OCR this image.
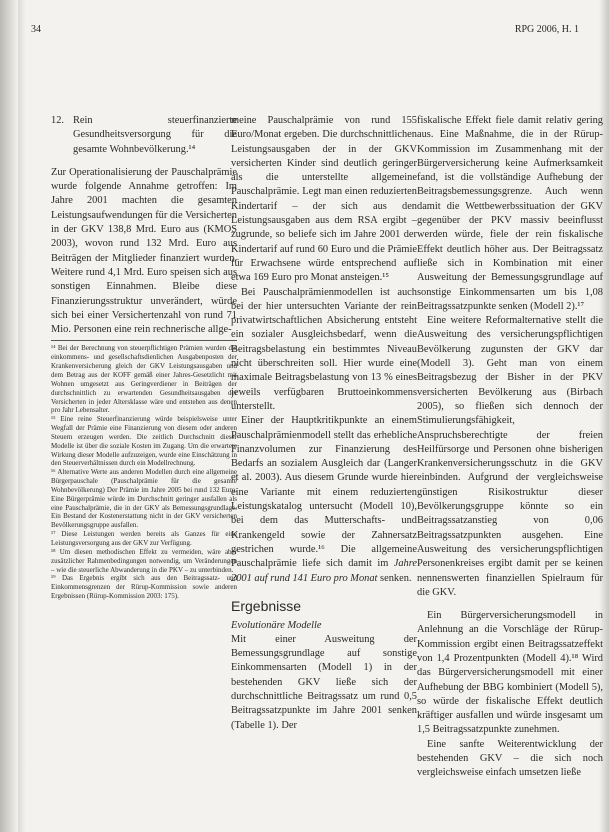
34	RPG 2006, H. 1
12. Rein steuerfinanzierte Gesundheitsversorgung für die gesamte Wohnbevölkerung.¹⁴

Zur Operationalisierung der Pauschalprämie wurde folgende Annahme getroffen: Im Jahre 2001 machten die gesamten Leistungsaufwendungen für die Versicherten in der GKV 138,8 Mrd. Euro aus (KMOS 2003), wovon rund 132 Mrd. Euro aus Beiträgen der Mitglieder finanziert wurden. Weitere rund 4,1 Mrd. Euro speisen sich aus sonstigen Einnahmen. Bleibe diese Finanzierungsstruktur unverändert, würde sich bei einer Versichertenzahl von rund 71 Mio. Personen eine rein rechnerische allge-

¹⁴ Bei der Berechnung von steuerpflichtigen Prämien wurden die einkommens- und gesellschaftsdienlichen Ausgabenposten der Krankenversicherung gleich der GKV Leistungsausgaben und dem Betrag aus der KOFF gemäß einer Jahres-Gesetzlicht mit Wohnen umgesetzt aus Geringverdiener in Beiträgen der durchschnittlich zu erwartenden Gesundheitsausgaben der Versicherten in jeder Altersklasse wäre und entstehen aus denen pro Jahr Lebensalter.

¹⁵ Eine reine Steuerfinanzierung würde beispielsweise unter Wegfall der Prämie eine Finanzierung von diesem oder anderen Steuern erzeugen werden. Die zeitlich Durchschnitt dieser Modelle ist über die soziale Kosten im Zugang. Um die erwartete Wirkung dieser Modelle aufzuzeigen, wurde eine Einschätzung in den Steuerverhältnissen durch ein Modellrechnung.

¹⁶ Alternative Werte aus anderen Modellen durch eine allgemeine Bürgerpauschale (Pauschalprämie für die gesamte Wohnbevölkerung) Der Prämie im Jahre 2005 bei rund 132 Euro. Eine Bürgerprämie würde im Durchschnitt geringer ausfallen als eine Pauschalprämie, die in der GKV als Bemessungsgrundlage. Ein Bestand der Kostenerstattung nicht in der GKV versicherten Bevölkerungsgruppe ausfallen.

¹⁷ Diese Leistungen werden bereits als Ganzes für eine Leistungsversorgung aus der GKV zur Verfügung.

¹⁸ Um diesen methodischen Effekt zu vermeiden, wäre aber zusätzlicher Rahmenbedingungen notwendig, um Veränderungen – wie die steuerliche Abwanderung in die PKV – zu unterbinden.

¹⁹ Das Ergebnis ergibt sich aus den Beitragssatz- und Einkommensgrenzen der Rürup-Kommission sowie anderen Ergebnissen (Rürup-Kommission 2003: 175).

meine Pauschalprämie von rund 155 Euro/Monat ergeben. Die durchschnittlichen Leistungsausgaben der in der GKV versicherten Kinder sind deutlich geringer als die unterstellte allgemeine Pauschalprämie. Legt man einen reduzierten Kindertarif – der sich aus den Leistungsausgaben aus dem RSA ergibt – zugrunde, so beliefe sich im Jahre 2001 der Kindertarif auf rund 60 Euro und die Prämie für Erwachsene würde entsprechend auf etwa 169 Euro pro Monat ansteigen.¹⁵

Bei Pauschalprämienmodellen ist auch bei der hier untersuchten Variante der rein privatwirtschaftlichen Absicherung entsteht ein sozialer Ausgleichsbedarf, wenn die Beitragsbelastung ein bestimmtes Niveau nicht überschreiten soll. Hier wurde eine maximale Beitragsbelastung von 13 % eines jeweils verfügbaren Bruttoeinkommens unterstellt.

Einer der Hauptkritikpunkte an einem Pauschalprämienmodell stellt das erhebliche Finanzvolumen zur Finanzierung des Bedarfs an sozialem Ausgleich dar (Langer et al. 2003). Aus diesem Grunde wurde hier eine Variante mit einem reduzierten Leistungskatalog untersucht (Modell 10), bei dem das Mutterschafts- und Krankengeld sowie der Zahnersatz gestrichen wurde.¹⁶ Die allgemeine Pauschalprämie liefe sich damit im Jahre 2001 auf rund 141 Euro pro Monat senken.

Ergebnisse
Evolutionäre Modelle

Mit einer Ausweitung der Bemessungsgrundlage auf sonstige Einkommensarten (Modell 1) in der bestehenden GKV ließe sich der durchschnittliche Beitragssatz um rund 0,5 Beitragssatzpunkte im Jahre 2001 senken (Tabelle 1). Der

fiskalische Effekt fiele damit relativ gering aus. Eine Maßnahme, die in der Rürup-Kommission im Zusammenhang mit der Bürgerversicherung keine Aufmerksamkeit fand, ist die vollständige Aufhebung der Beitragsbemessungsgrenze. Auch wenn damit die Wettbewerbssituation der GKV gegenüber der PKV massiv beeinflusst werden würde, fiele der rein fiskalische Effekt deutlich höher aus. Der Beitragssatz ließe sich in Kombination mit einer Ausweitung der Bemessungsgrundlage auf sonstige Einkommensarten um bis 1,08 Beitragssatzpunkte senken (Modell 2).¹⁷

Eine weitere Reformalternative stellt die Ausweitung des versicherungspflichtigen Bevölkerung zugunsten der GKV dar (Modell 3). Geht man von einem Beitragsbezug der Bisher in der PKV versicherten Bevölkerung aus (Birbach 2005), so fließen sich dennoch der Stimulierungsfähigkeit, Anspruchsberechtigte der freien Heilfürsorge und Personen ohne bisherigen Krankenversicherungsschutz in die GKV einbinden. Aufgrund der vergleichsweise günstigen Risikostruktur dieser Bevölkerungsgruppe könnte so ein Beitragssatzanstieg von 0,06 Beitragssatzpunkten ausgehen. Eine Ausweitung des versicherungspflichtigen Personenkreises ergibt damit per se keinen nennenswerten finanziellen Spielraum für die GKV.

Ein Bürgerversicherungsmodell in Anlehnung an die Vorschläge der Rürup-Kommission ergibt einen Beitragssatzeffekt von 1,4 Prozentpunkten (Modell 4).¹⁸ Wird das Bürgerversicherungsmodell mit einer Aufhebung der BBG kombiniert (Modell 5), so würde der fiskalische Effekt deutlich kräftiger ausfallen und würde insgesamt um 1,5 Beitragssatzpunkte zunehmen.

Eine sanfte Weiterentwicklung der bestehenden GKV – die sich noch vergleichsweise einfach umsetzen ließe
